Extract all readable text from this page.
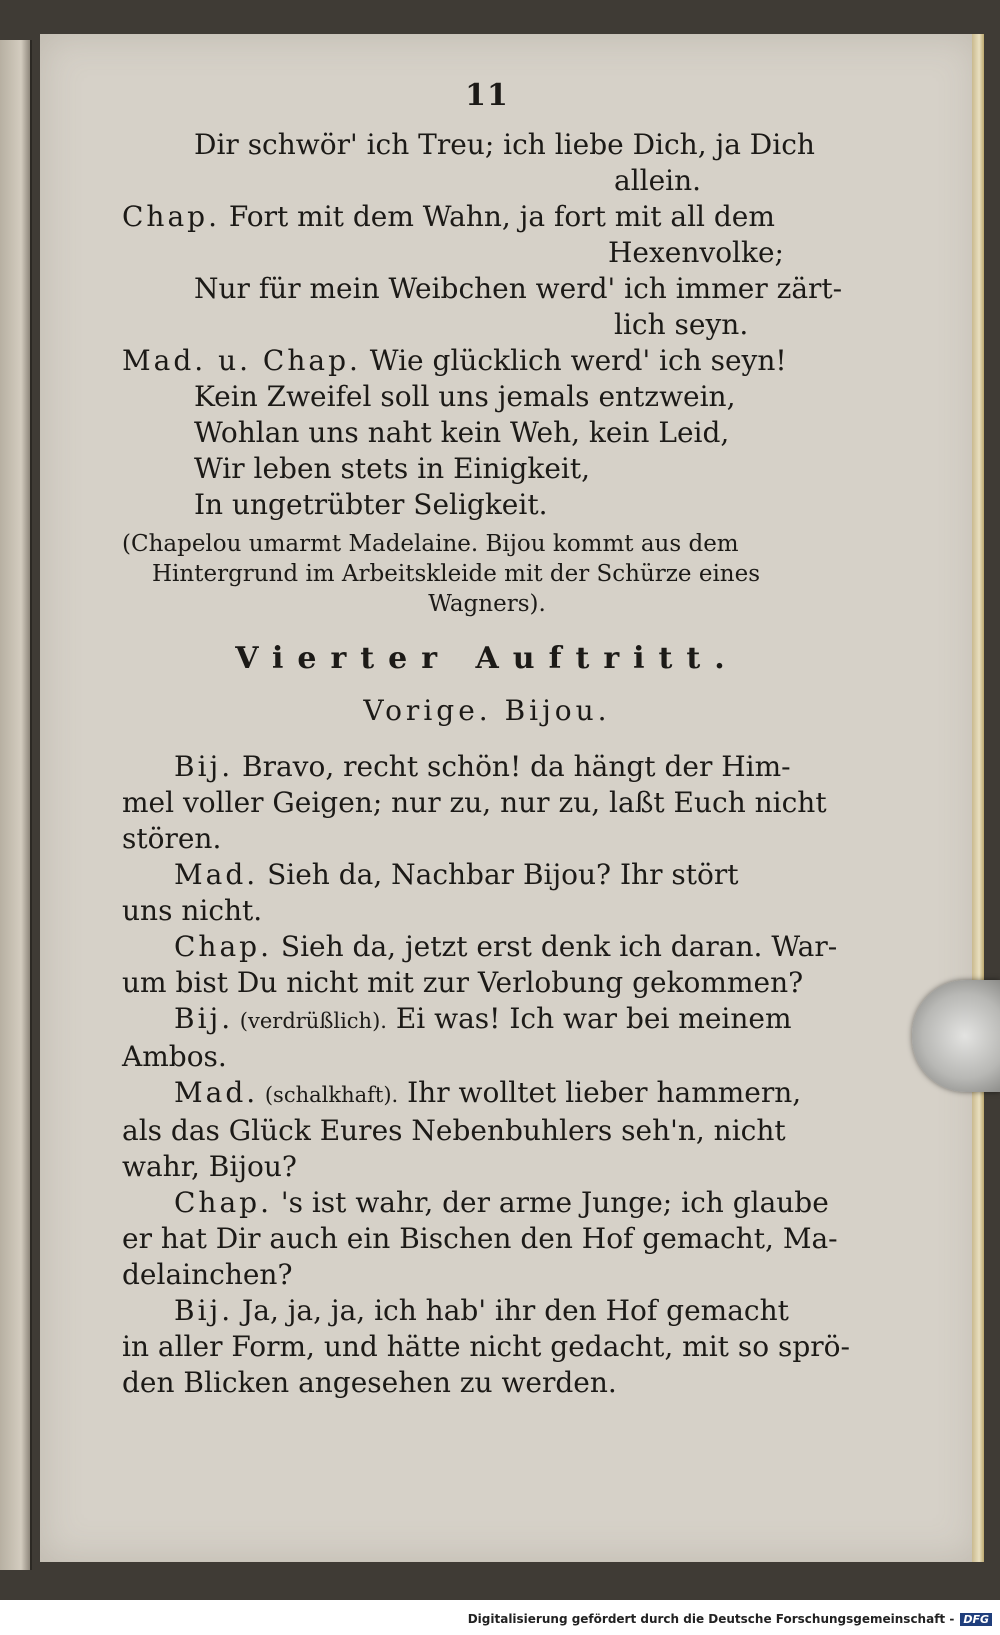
11
Dir schwör' ich Treu; ich liebe Dich, ja Dich
allein.
Chap. Fort mit dem Wahn, ja fort mit all dem
Hexenvolke;
Nur für mein Weibchen werd' ich immer zärt-
lich seyn.
Mad. u. Chap. Wie glücklich werd' ich seyn!
Kein Zweifel soll uns jemals entzwein,
Wohlan uns naht kein Weh, kein Leid,
Wir leben stets in Einigkeit,
In ungetrübter Seligkeit.
(Chapelou umarmt Madelaine. Bijou kommt aus dem
Hintergrund im Arbeitskleide mit der Schürze eines
Wagners).
Vierter Auftritt.
Vorige. Bijou.
Bij. Bravo, recht schön! da hängt der Him-
mel voller Geigen; nur zu, nur zu, laßt Euch nicht
stören.
Mad. Sieh da, Nachbar Bijou? Ihr stört
uns nicht.
Chap. Sieh da, jetzt erst denk ich daran. War-
um bist Du nicht mit zur Verlobung gekommen?
Bij. (verdrüßlich). Ei was! Ich war bei meinem
Ambos.
Mad. (schalkhaft). Ihr wolltet lieber hammern,
als das Glück Eures Nebenbuhlers seh'n, nicht
wahr, Bijou?
Chap. 's ist wahr, der arme Junge; ich glaube
er hat Dir auch ein Bischen den Hof gemacht, Ma-
delainchen?
Bij. Ja, ja, ja, ich hab' ihr den Hof gemacht
in aller Form, und hätte nicht gedacht, mit so sprö-
den Blicken angesehen zu werden.
Digitalisierung gefördert durch die Deutsche Forschungsgemeinschaft - DFG
